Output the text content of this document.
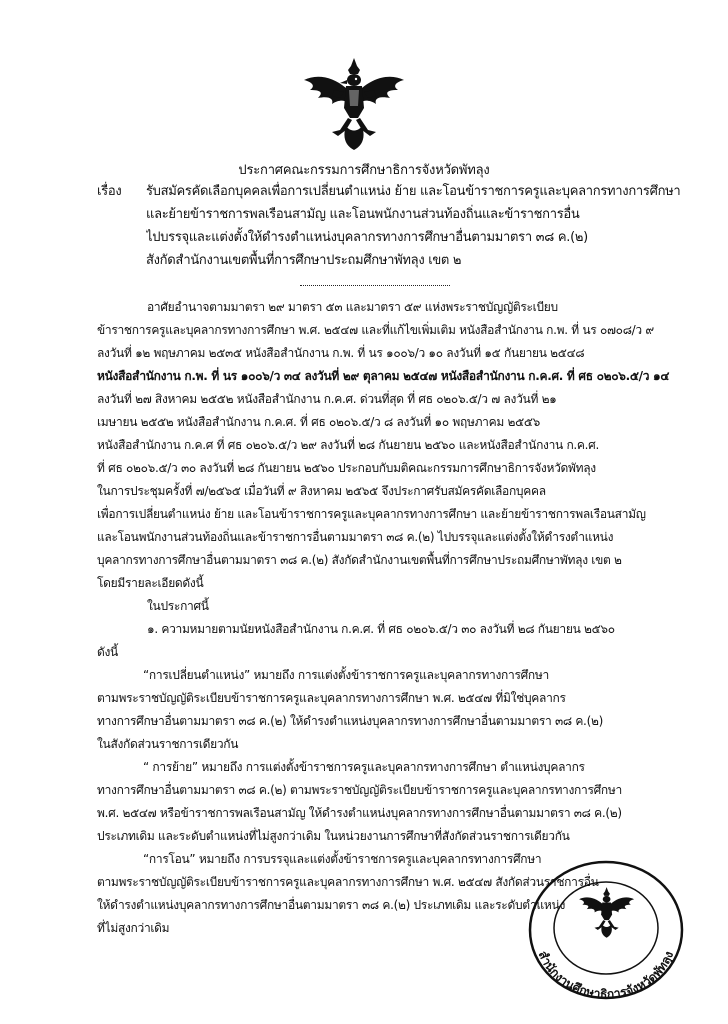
ประกาศคณะกรรมการศึกษาธิการจังหวัดพัทลุง
เรื่อง	รับสมัครคัดเลือกบุคคลเพื่อการเปลี่ยนตำแหน่ง ย้าย และโอนข้าราชการครูและบุคลากรทางการศึกษา
และย้ายข้าราชการพลเรือนสามัญ และโอนพนักงานส่วนท้องถิ่นและข้าราชการอื่น
ไปบรรจุและแต่งตั้งให้ดำรงตำแหน่งบุคลากรทางการศึกษาอื่นตามมาตรา ๓๘ ค.(๒)
สังกัดสำนักงานเขตพื้นที่การศึกษาประถมศึกษาพัทลุง เขต ๒
อาศัยอำนาจตามมาตรา ๒๙ มาตรา ๕๓ และมาตรา ๕๙ แห่งพระราชบัญญัติระเบียบ
ข้าราชการครูและบุคลากรทางการศึกษา พ.ศ. ๒๕๔๗ และที่แก้ไขเพิ่มเติม หนังสือสำนักงาน ก.พ. ที่ นร ๐๗๐๘/ว ๙
ลงวันที่ ๑๒ พฤษภาคม ๒๕๓๕ หนังสือสำนักงาน ก.พ. ที่ นร ๑๐๐๖/ว ๑๐ ลงวันที่ ๑๕ กันยายน ๒๕๔๘
หนังสือสำนักงาน ก.พ. ที่ นร ๑๐๐๖/ว ๓๔ ลงวันที่ ๒๙ ตุลาคม ๒๕๔๗ หนังสือสำนักงาน ก.ค.ศ. ที่ ศธ ๐๒๐๖.๕/ว ๑๔
ลงวันที่ ๒๗ สิงหาคม ๒๕๕๒ หนังสือสำนักงาน ก.ค.ศ. ด่วนที่สุด ที่ ศธ ๐๒๐๖.๕/ว ๗ ลงวันที่ ๒๑
เมษายน ๒๕๕๒ หนังสือสำนักงาน ก.ค.ศ. ที่ ศธ ๐๒๐๖.๕/ว ๘ ลงวันที่ ๑๐ พฤษภาคม ๒๕๕๖
หนังสือสำนักงาน ก.ค.ศ ที่ ศธ ๐๒๐๖.๕/ว ๒๙ ลงวันที่ ๒๘ กันยายน ๒๕๖๐ และหนังสือสำนักงาน ก.ค.ศ.
ที่ ศธ ๐๒๐๖.๕/ว ๓๐ ลงวันที่ ๒๘ กันยายน ๒๕๖๐ ประกอบกับมติคณะกรรมการศึกษาธิการจังหวัดพัทลุง
ในการประชุมครั้งที่ ๗/๒๕๖๕ เมื่อวันที่ ๙ สิงหาคม ๒๕๖๕ จึงประกาศรับสมัครคัดเลือกบุคคล
เพื่อการเปลี่ยนตำแหน่ง ย้าย และโอนข้าราชการครูและบุคลากรทางการศึกษา และย้ายข้าราชการพลเรือนสามัญ
และโอนพนักงานส่วนท้องถิ่นและข้าราชการอื่นตามมาตรา ๓๘ ค.(๒) ไปบรรจุและแต่งตั้งให้ดำรงตำแหน่ง
บุคลากรทางการศึกษาอื่นตามมาตรา ๓๘ ค.(๒) สังกัดสำนักงานเขตพื้นที่การศึกษาประถมศึกษาพัทลุง เขต ๒
โดยมีรายละเอียดดังนี้
ในประกาศนี้
๑. ความหมายตามนัยหนังสือสำนักงาน ก.ค.ศ. ที่ ศธ ๐๒๐๖.๕/ว ๓๐ ลงวันที่ ๒๘ กันยายน ๒๕๖๐
ดังนี้
“การเปลี่ยนตำแหน่ง” หมายถึง การแต่งตั้งข้าราชการครูและบุคลากรทางการศึกษา
ตามพระราชบัญญัติระเบียบข้าราชการครูและบุคลากรทางการศึกษา พ.ศ. ๒๕๔๗ ที่มิใช่บุคลากร
ทางการศึกษาอื่นตามมาตรา ๓๘ ค.(๒) ให้ดำรงตำแหน่งบุคลากรทางการศึกษาอื่นตามมาตรา ๓๘ ค.(๒)
ในสังกัดส่วนราชการเดียวกัน
“ การย้าย” หมายถึง การแต่งตั้งข้าราชการครูและบุคลากรทางการศึกษา ตำแหน่งบุคลากร
ทางการศึกษาอื่นตามมาตรา ๓๘ ค.(๒) ตามพระราชบัญญัติระเบียบข้าราชการครูและบุคลากรทางการศึกษา
พ.ศ. ๒๕๔๗ หรือข้าราชการพลเรือนสามัญ ให้ดำรงตำแหน่งบุคลากรทางการศึกษาอื่นตามมาตรา ๓๘ ค.(๒)
ประเภทเดิม และระดับตำแหน่งที่ไม่สูงกว่าเดิม ในหน่วยงานการศึกษาที่สังกัดส่วนราชการเดียวกัน
“การโอน” หมายถึง การบรรจุและแต่งตั้งข้าราชการครูและบุคลากรทางการศึกษา
ตามพระราชบัญญัติระเบียบข้าราชการครูและบุคลากรทางการศึกษา พ.ศ. ๒๕๔๗ สังกัดส่วนราชการอื่น
ให้ดำรงตำแหน่งบุคลากรทางการศึกษาอื่นตามมาตรา ๓๘ ค.(๒) ประเภทเดิม และระดับตำแหน่ง
ที่ไม่สูงกว่าเดิม
สำนักงานศึกษาธิการจังหวัดพัทลุง
